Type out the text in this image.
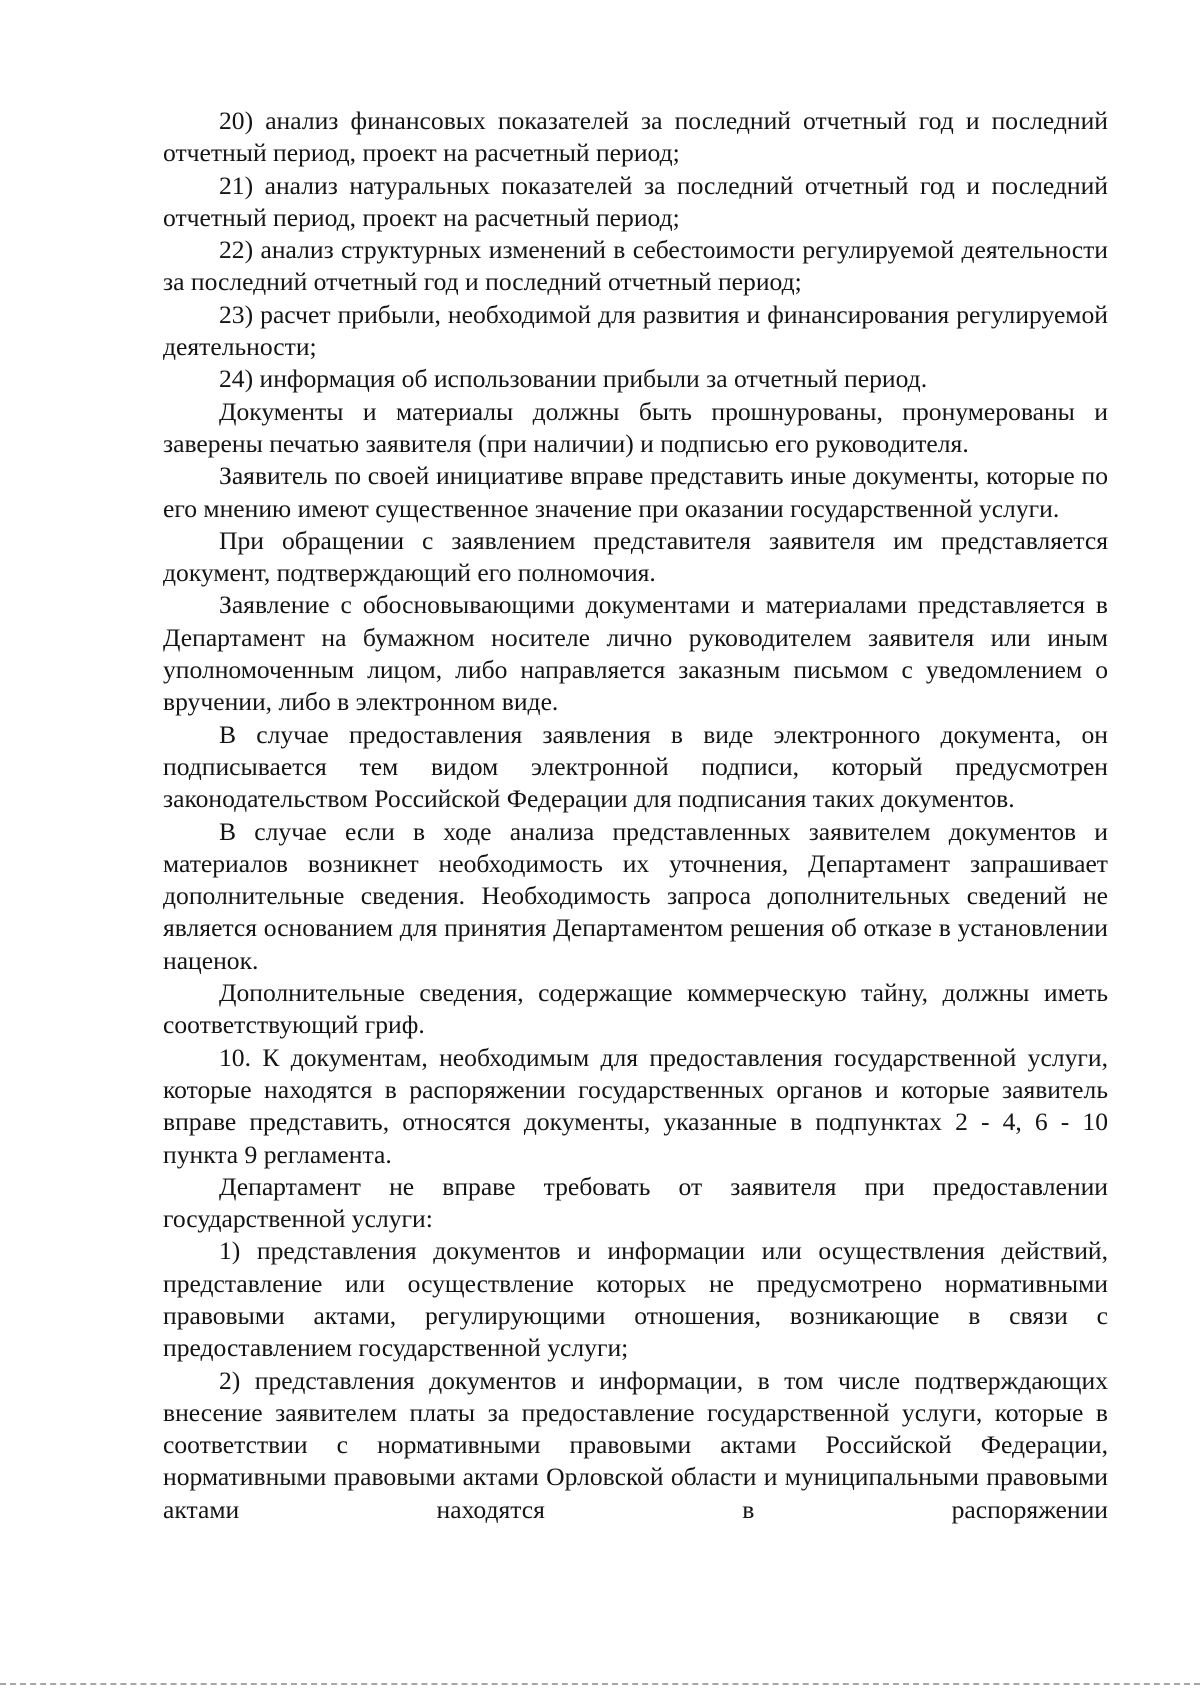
20) анализ финансовых показателей за последний отчетный год и последний отчетный период, проект на расчетный период;

21) анализ натуральных показателей за последний отчетный год и последний отчетный период, проект на расчетный период;

22) анализ структурных изменений в себестоимости регулируемой деятельности за последний отчетный год и последний отчетный период;

23) расчет прибыли, необходимой для развития и финансирования регулируемой деятельности;

24) информация об использовании прибыли за отчетный период.

Документы и материалы должны быть прошнурованы, пронумерованы и заверены печатью заявителя (при наличии) и подписью его руководителя.

Заявитель по своей инициативе вправе представить иные документы, которые по его мнению имеют существенное значение при оказании государственной услуги.

При обращении с заявлением представителя заявителя им представляется документ, подтверждающий его полномочия.

Заявление с обосновывающими документами и материалами представляется в Департамент на бумажном носителе лично руководителем заявителя или иным уполномоченным лицом, либо направляется заказным письмом с уведомлением о вручении, либо в электронном виде.

В случае предоставления заявления в виде электронного документа, он подписывается тем видом электронной подписи, который предусмотрен законодательством Российской Федерации для подписания таких документов.

В случае если в ходе анализа представленных заявителем документов и материалов возникнет необходимость их уточнения, Департамент запрашивает дополнительные сведения. Необходимость запроса дополнительных сведений не является основанием для принятия Департаментом решения об отказе в установлении наценок.

Дополнительные сведения, содержащие коммерческую тайну, должны иметь соответствующий гриф.

10. К документам, необходимым для предоставления государственной услуги, которые находятся в распоряжении государственных органов и которые заявитель вправе представить, относятся документы, указанные в подпунктах 2 - 4, 6 - 10 пункта 9 регламента.

Департамент не вправе требовать от заявителя при предоставлении государственной услуги:

1) представления документов и информации или осуществления действий, представление или осуществление которых не предусмотрено нормативными правовыми актами, регулирующими отношения, возникающие в связи с предоставлением государственной услуги;

2) представления документов и информации, в том числе подтверждающих внесение заявителем платы за предоставление государственной услуги, которые в соответствии с нормативными правовыми актами Российской Федерации, нормативными правовыми актами Орловской области и муниципальными правовыми актами находятся в распоряжении
